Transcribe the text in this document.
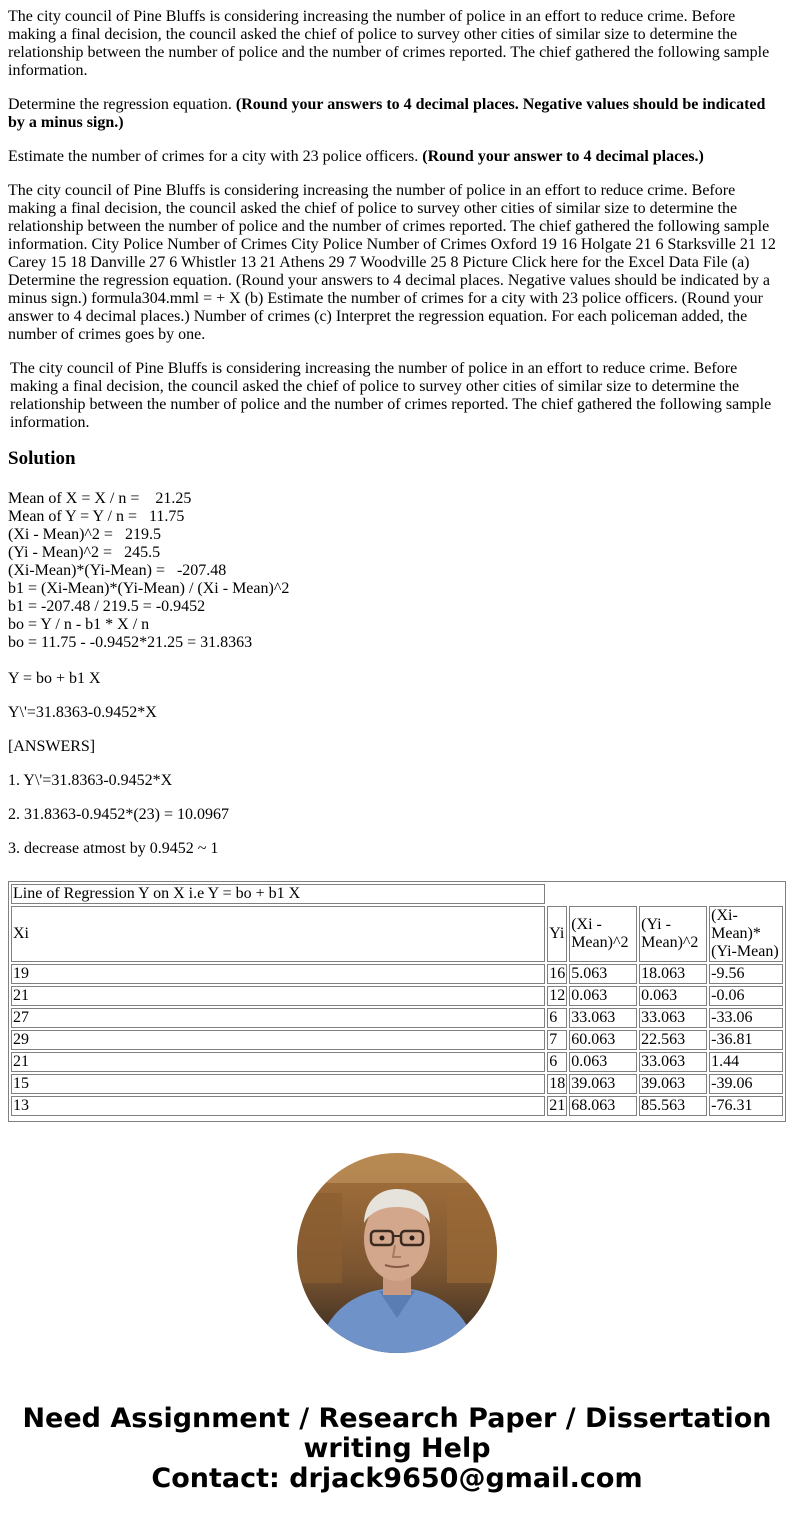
The city council of Pine Bluffs is considering increasing the number of police in an effort to reduce crime. Before making a final decision, the council asked the chief of police to survey other cities of similar size to determine the relationship between the number of police and the number of crimes reported. The chief gathered the following sample information.

Determine the regression equation. (Round your answers to 4 decimal places. Negative values should be indicated by a minus sign.)

Estimate the number of crimes for a city with 23 police officers. (Round your answer to 4 decimal places.)

The city council of Pine Bluffs is considering increasing the number of police in an effort to reduce crime. Before making a final decision, the council asked the chief of police to survey other cities of similar size to determine the relationship between the number of police and the number of crimes reported. The chief gathered the following sample information. City Police Number of Crimes City Police Number of Crimes Oxford 19 16 Holgate 21 6 Starksville 21 12 Carey 15 18 Danville 27 6 Whistler 13 21 Athens 29 7 Woodville 25 8 Picture Click here for the Excel Data File (a) Determine the regression equation. (Round your answers to 4 decimal places. Negative values should be indicated by a minus sign.) formula304.mml = + X (b) Estimate the number of crimes for a city with 23 police officers. (Round your answer to 4 decimal places.) Number of crimes (c) Interpret the regression equation. For each policeman added, the number of crimes goes by one.

The city council of Pine Bluffs is considering increasing the number of police in an effort to reduce crime. Before making a final decision, the council asked the chief of police to survey other cities of similar size to determine the relationship between the number of police and the number of crimes reported. The chief gathered the following sample information.

Solution
Mean of X = X / n =    21.25
Mean of Y = Y / n =   11.75
(Xi - Mean)^2 =   219.5
(Yi - Mean)^2 =   245.5
(Xi-Mean)*(Yi-Mean) =   -207.48
b1 = (Xi-Mean)*(Yi-Mean) / (Xi - Mean)^2
b1 = -207.48 / 219.5 = -0.9452
bo = Y / n - b1 * X / n
bo = 11.75 - -0.9452*21.25 = 31.8363

Y = bo + b1 X

Y\'=31.8363-0.9452*X

[ANSWERS]

1. Y\'=31.8363-0.9452*X

2. 31.8363-0.9452*(23) = 10.0967

3. decrease atmost by 0.9452 ~ 1

Line of Regression Y on X i.e Y = bo + b1 X				
Xi	Yi	(Xi - Mean)^2	(Yi - Mean)^2	(Xi-Mean)*(Yi-Mean)
19	16	5.063	18.063	-9.56
21	12	0.063	0.063	-0.06
27	6	33.063	33.063	-33.06
29	7	60.063	22.563	-36.81
21	6	0.063	33.063	1.44
15	18	39.063	39.063	-39.06
13	21	68.063	85.563	-76.31
Need Assignment / Research Paper / Dissertation
writing Help
Contact: drjack9650@gmail.com
